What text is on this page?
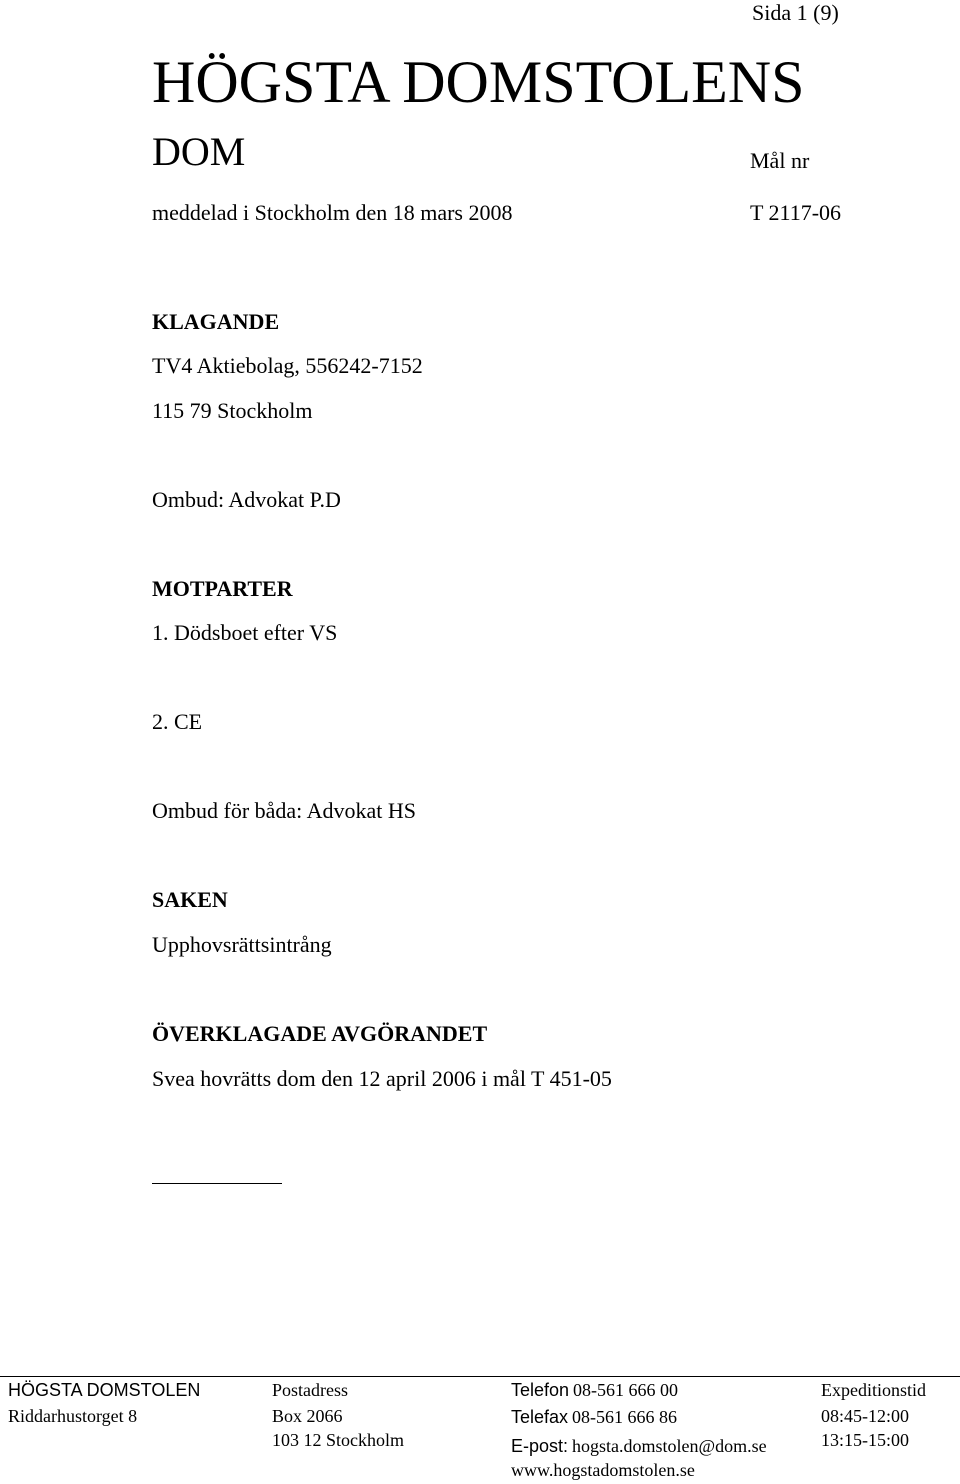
Sida 1 (9)
HÖGSTA DOMSTOLENS
DOM	Mål nr
meddelad i Stockholm den 18 mars 2008	T 2117-06
KLAGANDE
TV4 Aktiebolag, 556242-7152
115 79 Stockholm
Ombud: Advokat P.D
MOTPARTER
1. Dödsboet efter VS
2. CE
Ombud för båda: Advokat HS
SAKEN
Upphovsrättsintrång
ÖVERKLAGADE AVGÖRANDET
Svea hovrätts dom den 12 april 2006 i mål T 451-05
HÖGSTA DOMSTOLEN
Riddarhustorget 8
Postadress
Box 2066
103 12 Stockholm
Telefon 08-561 666 00
Telefax 08-561 666 86
E-post: hogsta.domstolen@dom.se
www.hogstadomstolen.se
Expeditionstid
08:45-12:00
13:15-15:00
